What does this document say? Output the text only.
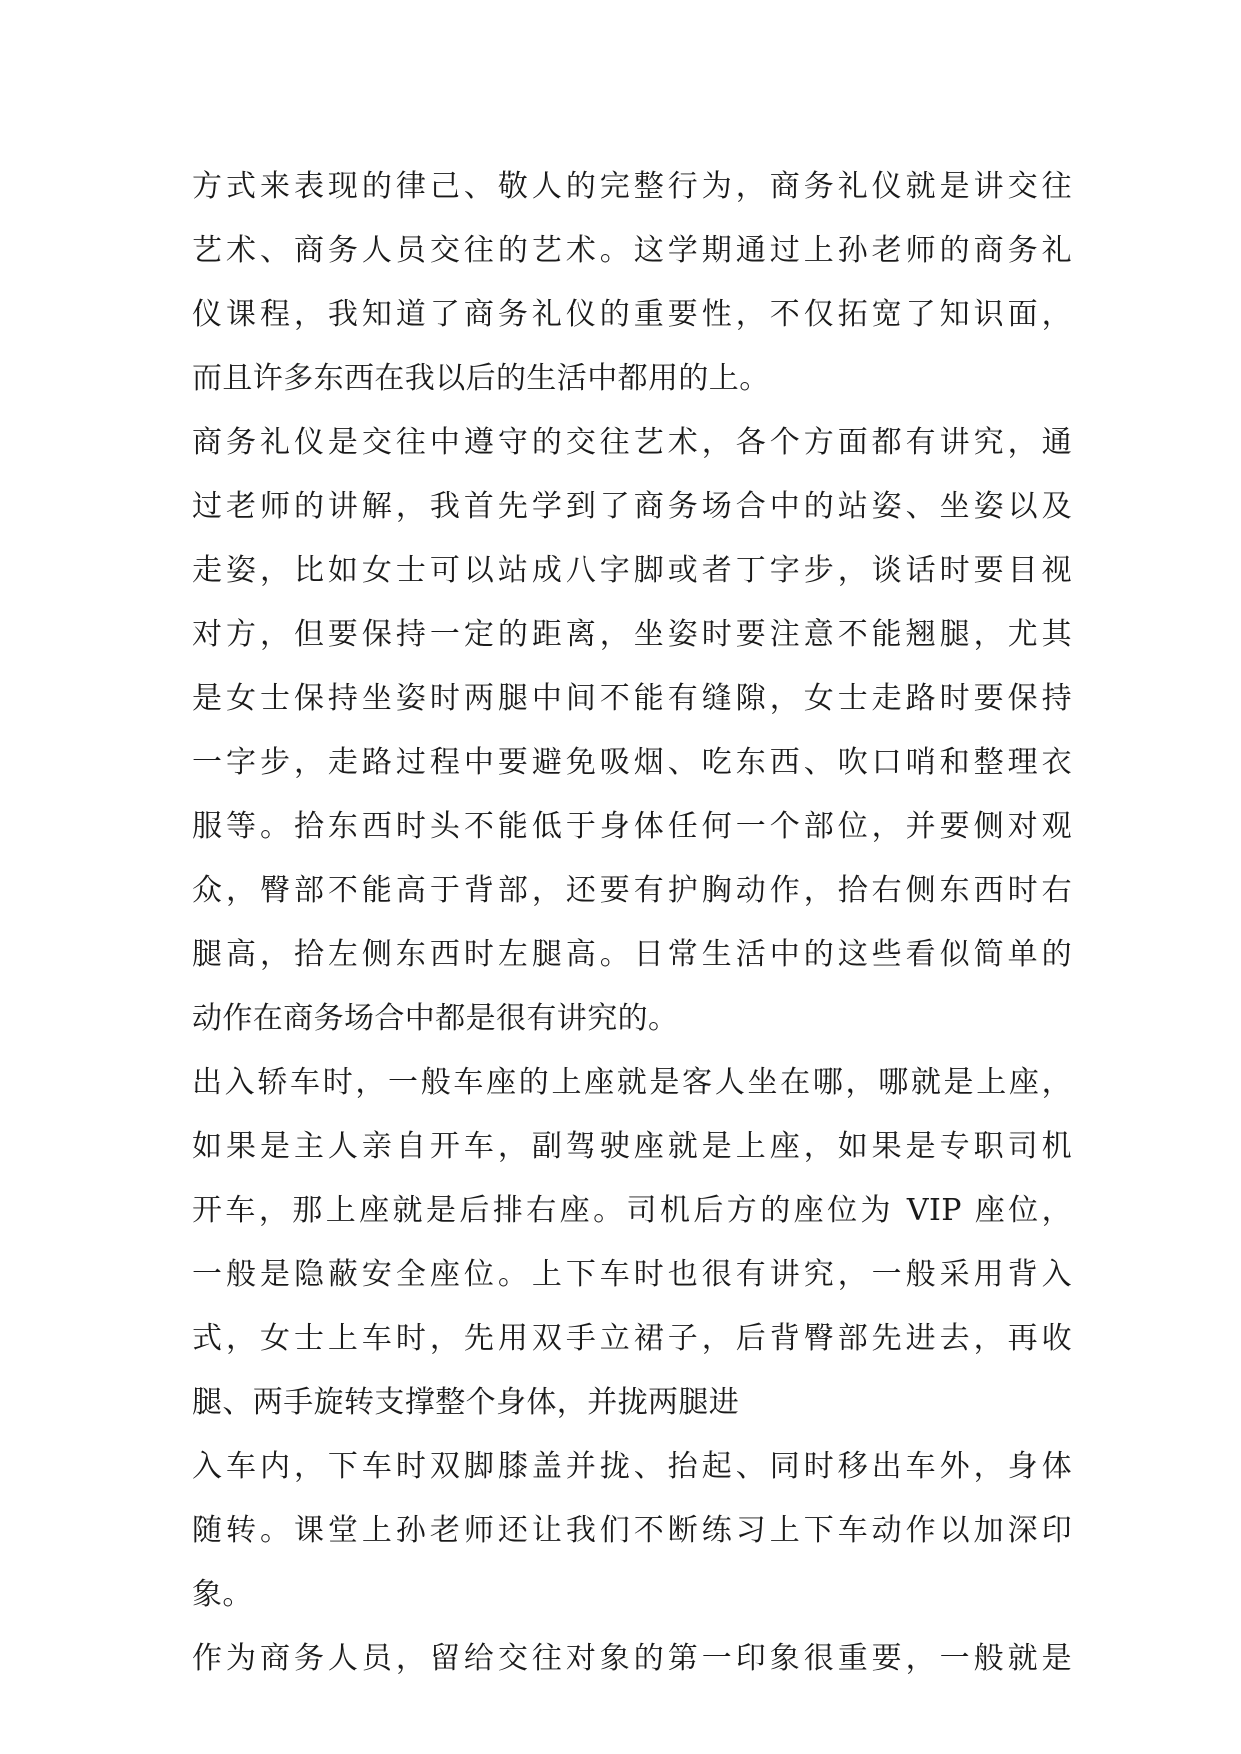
方式来表现的律己、敬人的完整行为，商务礼仪就是讲交往
艺术、商务人员交往的艺术。这学期通过上孙老师的商务礼
仪课程，我知道了商务礼仪的重要性，不仅拓宽了知识面，
而且许多东西在我以后的生活中都用的上。
商务礼仪是交往中遵守的交往艺术，各个方面都有讲究，通
过老师的讲解，我首先学到了商务场合中的站姿、坐姿以及
走姿，比如女士可以站成八字脚或者丁字步，谈话时要目视
对方，但要保持一定的距离，坐姿时要注意不能翘腿，尤其
是女士保持坐姿时两腿中间不能有缝隙，女士走路时要保持
一字步，走路过程中要避免吸烟、吃东西、吹口哨和整理衣
服等。拾东西时头不能低于身体任何一个部位，并要侧对观
众，臀部不能高于背部，还要有护胸动作，拾右侧东西时右
腿高，拾左侧东西时左腿高。日常生活中的这些看似简单的
动作在商务场合中都是很有讲究的。
出入轿车时，一般车座的上座就是客人坐在哪，哪就是上座，
如果是主人亲自开车，副驾驶座就是上座，如果是专职司机
开车，那上座就是后排右座。司机后方的座位为 VIP 座位，
一般是隐蔽安全座位。上下车时也很有讲究，一般采用背入
式，女士上车时，先用双手立裙子，后背臀部先进去，再收
腿、两手旋转支撑整个身体，并拢两腿进
入车内，下车时双脚膝盖并拢、抬起、同时移出车外，身体
随转。课堂上孙老师还让我们不断练习上下车动作以加深印
象。
作为商务人员，留给交往对象的第一印象很重要，一般就是
